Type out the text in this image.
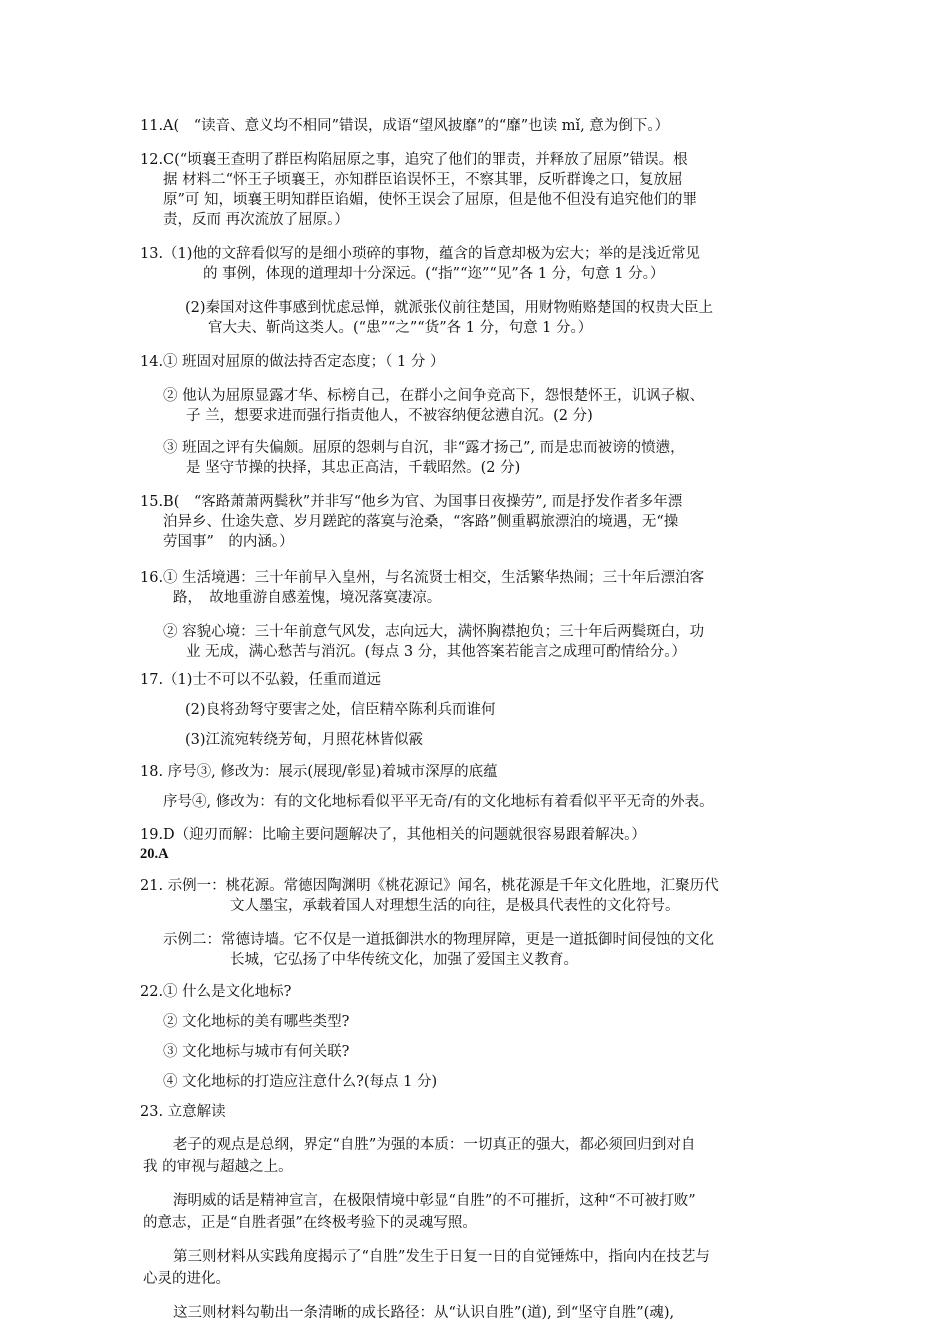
11.A(　“读音、意义均不相同”错误，成语“望风披靡”的“靡”也读 mǐ, 意为倒下。）
12.C(“顷襄王查明了群臣构陷屈原之事，追究了他们的罪责，并释放了屈原”错误。根
据 材料二“怀王子顷襄王，亦知群臣谄误怀王，不察其罪，反听群谗之口，复放屈
原”可 知，顷襄王明知群臣谄媚，使怀王误会了屈原，但是他不但没有追究他们的罪
责，反而 再次流放了屈原。）
13.（1)他的文辞看似写的是细小琐碎的事物，蕴含的旨意却极为宏大；举的是浅近常见
的 事例，体现的道理却十分深远。(“指”“迩”“见”各 1 分，句意 1 分。）
(2)秦国对这件事感到忧虑忌惮，就派张仪前往楚国，用财物贿赂楚国的权贵大臣上
官大夫、靳尚这类人。(“患”“之”“货”各 1 分，句意 1 分。）
14.① 班固对屈原的做法持否定态度；（ 1 分 ）
② 他认为屈原显露才华、标榜自己，在群小之间争竞高下，怨恨楚怀王，讥讽子椒、
子 兰，想要求进而强行指责他人，不被容纳便忿懑自沉。(2 分)
③ 班固之评有失偏颇。屈原的怨刺与自沉，非“露才扬己”, 而是忠而被谤的愤懑，
是 坚守节操的抉择，其忠正高洁，千载昭然。(2 分)
15.B(　“客路萧萧两鬓秋”并非写“他乡为官、为国事日夜操劳”, 而是抒发作者多年漂
泊异乡、仕途失意、岁月蹉跎的落寞与沧桑，“客路”侧重羁旅漂泊的境遇，无“操
劳国事”　的内涵。）
16.① 生活境遇：三十年前早入皇州，与名流贤士相交，生活繁华热闹；三十年后漂泊客
路，　故地重游自感羞愧，境况落寞凄凉。
② 容貌心境：三十年前意气风发，志向远大，满怀胸襟抱负；三十年后两鬓斑白，功
业 无成，满心愁苦与消沉。(每点 3 分，其他答案若能言之成理可酌情给分。）
17.（1)士不可以不弘毅，任重而道远
(2)良将劲弩守要害之处，信臣精卒陈利兵而谁何
(3)江流宛转绕芳甸，月照花林皆似霰
18. 序号③, 修改为：展示(展现/彰显)着城市深厚的底蕴
序号④, 修改为：有的文化地标看似平平无奇/有的文化地标有着看似平平无奇的外表。
19.D（迎刃而解：比喻主要问题解决了，其他相关的问题就很容易跟着解决。）
20.A
21. 示例一：桃花源。常德因陶渊明《桃花源记》闻名，桃花源是千年文化胜地，汇聚历代
文人墨宝，承载着国人对理想生活的向往，是极具代表性的文化符号。
示例二：常德诗墙。它不仅是一道抵御洪水的物理屏障，更是一道抵御时间侵蚀的文化
长城，它弘扬了中华传统文化，加强了爱国主义教育。
22.① 什么是文化地标?
② 文化地标的美有哪些类型?
③ 文化地标与城市有何关联?
④ 文化地标的打造应注意什么?(每点 1 分)
23. 立意解读
老子的观点是总纲，界定“自胜”为强的本质：一切真正的强大，都必须回归到对自
我 的审视与超越之上。
海明威的话是精神宣言，在极限情境中彰显“自胜”的不可摧折，这种“不可被打败”
的意志，正是“自胜者强”在终极考验下的灵魂写照。
第三则材料从实践角度揭示了“自胜”发生于日复一日的自觉锤炼中，指向内在技艺与
心灵的进化。
这三则材料勾勒出一条清晰的成长路径：从“认识自胜”(道), 到“坚守自胜”(魂),
